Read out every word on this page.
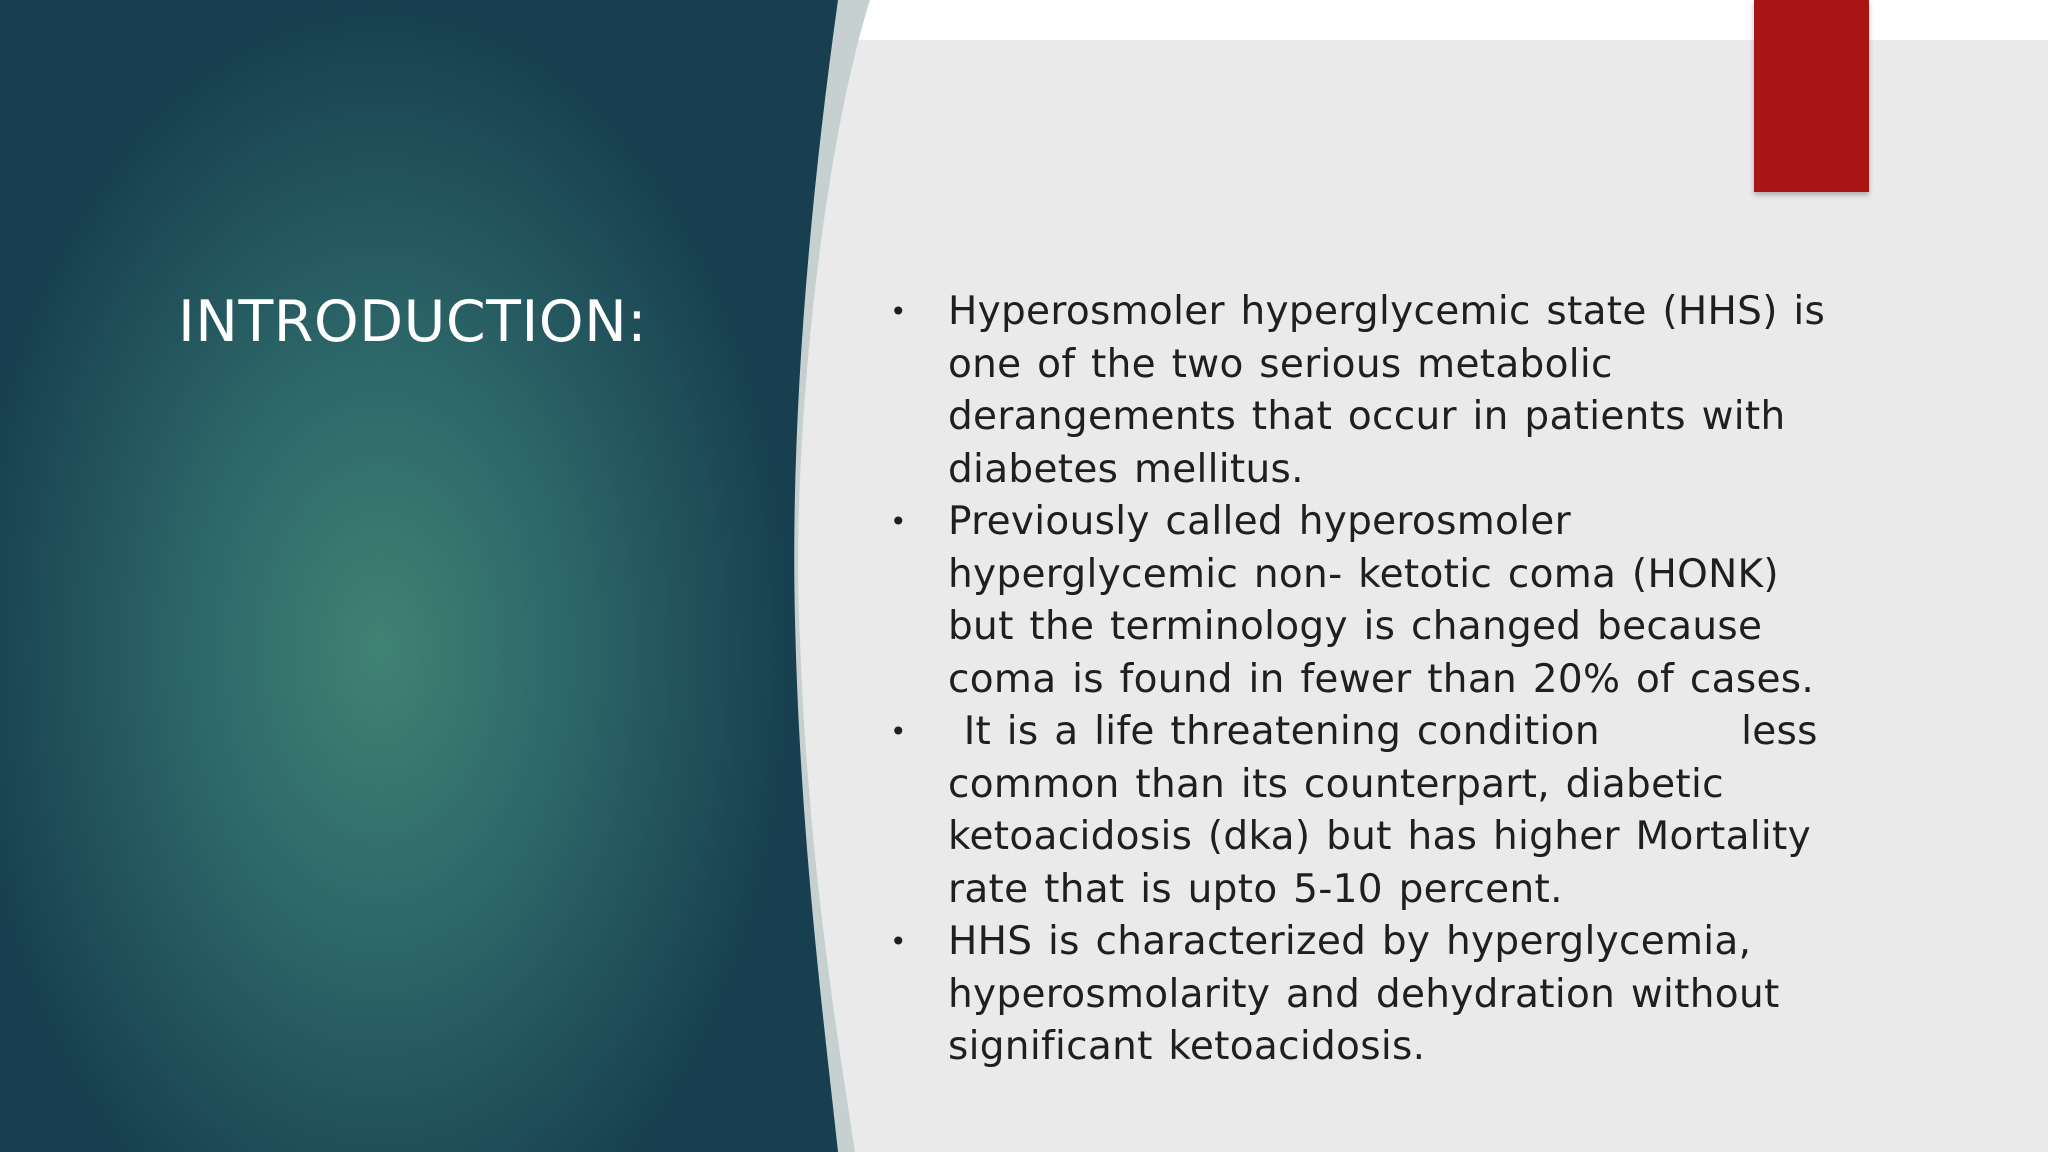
INTRODUCTION:	• Hyperosmoler hyperglycemic state (HHS) is
one of the two serious metabolic
derangements that occur in patients with
diabetes mellitus.
• Previously called hyperosmoler
hyperglycemic non- ketotic coma (HONK)
but the terminology is changed because
coma is found in fewer than 20% of cases.
• It is a life threatening condition         less
common than its counterpart, diabetic
ketoacidosis (dka) but has higher Mortality
rate that is upto 5-10 percent.
• HHS is characterized by hyperglycemia,
hyperosmolarity and dehydration without
significant ketoacidosis.
